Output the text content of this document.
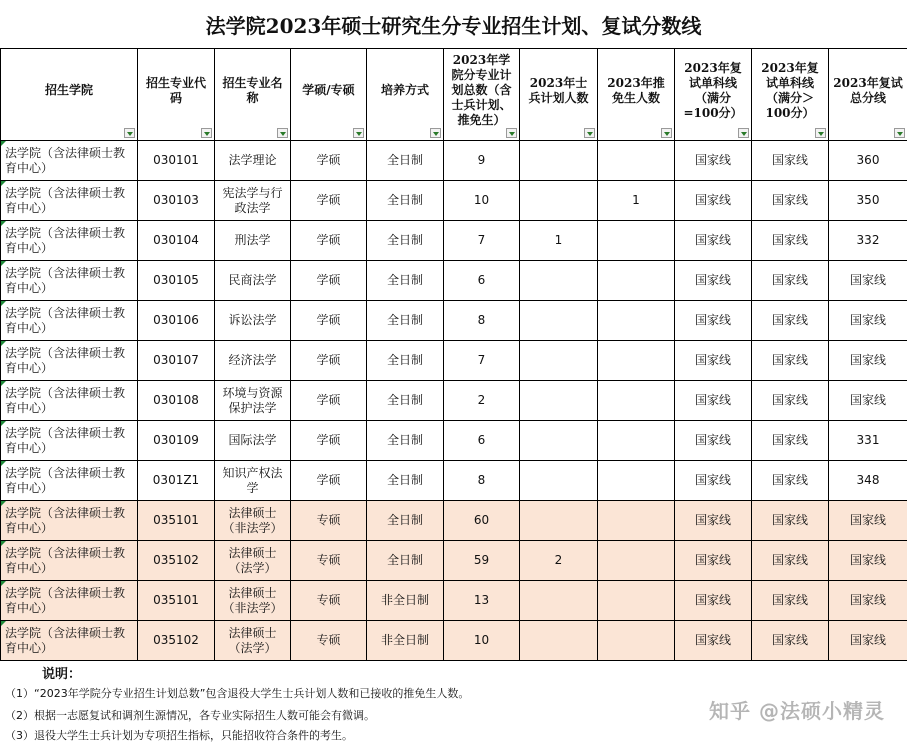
法学院2023年硕士研究生分专业招生计划、复试分数线
招生学院	招生专业代码	招生专业名称	学硕/专硕	培养方式	2023年学院分专业计划总数（含士兵计划、推免生）	2023年士兵计划人数	2023年推免生人数	2023年复试单科线（满分=100分）	2023年复试单科线（满分＞100分）	2023年复试总分线

法学院（含法律硕士教育中心）	030101	法学理论	学硕	全日制	9			国家线	国家线	360
法学院（含法律硕士教育中心）	030103	宪法学与行政法学	学硕	全日制	10		1	国家线	国家线	350
法学院（含法律硕士教育中心）	030104	刑法学	学硕	全日制	7	1		国家线	国家线	332
法学院（含法律硕士教育中心）	030105	民商法学	学硕	全日制	6			国家线	国家线	国家线
法学院（含法律硕士教育中心）	030106	诉讼法学	学硕	全日制	8			国家线	国家线	国家线
法学院（含法律硕士教育中心）	030107	经济法学	学硕	全日制	7			国家线	国家线	国家线
法学院（含法律硕士教育中心）	030108	环境与资源保护法学	学硕	全日制	2			国家线	国家线	国家线
法学院（含法律硕士教育中心）	030109	国际法学	学硕	全日制	6			国家线	国家线	331
法学院（含法律硕士教育中心）	0301Z1	知识产权法学	学硕	全日制	8			国家线	国家线	348
法学院（含法律硕士教育中心）	035101	法律硕士（非法学）	专硕	全日制	60			国家线	国家线	国家线
法学院（含法律硕士教育中心）	035102	法律硕士（法学）	专硕	全日制	59	2		国家线	国家线	国家线
法学院（含法律硕士教育中心）	035101	法律硕士（非法学）	专硕	非全日制	13			国家线	国家线	国家线
法学院（含法律硕士教育中心）	035102	法律硕士（法学）	专硕	非全日制	10			国家线	国家线	国家线
说明：
（1）“2023年学院分专业招生计划总数”包含退役大学生士兵计划人数和已接收的推免生人数。
（2）根据一志愿复试和调剂生源情况，各专业实际招生人数可能会有微调。
（3）退役大学生士兵计划为专项招生指标，只能招收符合条件的考生。
知乎 @法硕小精灵
